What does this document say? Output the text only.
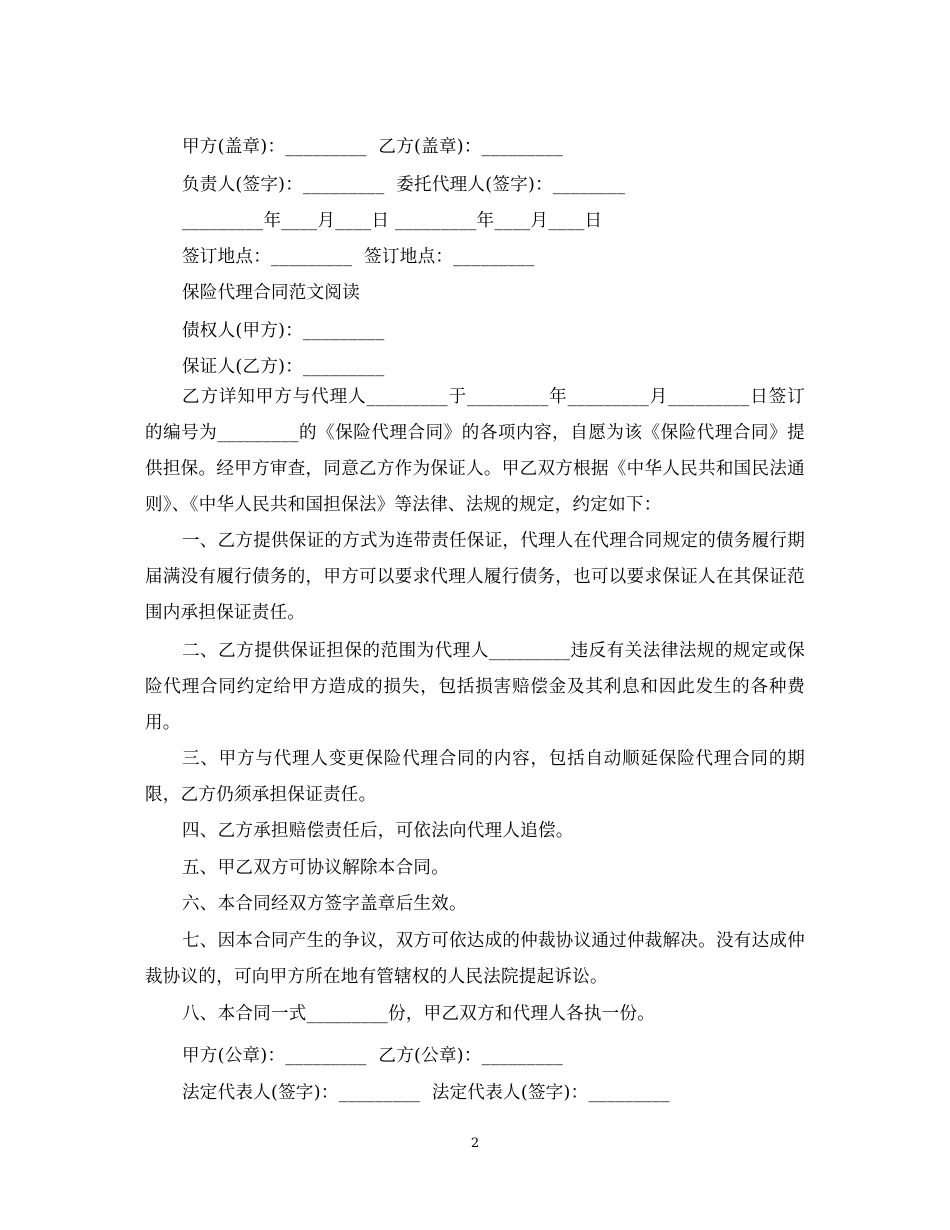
甲方(盖章)：_________  乙方(盖章)：_________
负责人(签字)：_________  委托代理人(签字)：________
_________年____月____日 _________年____月____日
签订地点：_________  签订地点：_________
保险代理合同范文阅读
债权人(甲方)：_________
保证人(乙方)：_________
乙方详知甲方与代理人_________于_________年_________月_________日签订的编号为_________的《保险代理合同》的各项内容，自愿为该《保险代理合同》提供担保。经甲方审查，同意乙方作为保证人。甲乙双方根据《中华人民共和国民法通则》、《中华人民共和国担保法》等法律、法规的规定，约定如下：
一、乙方提供保证的方式为连带责任保证，代理人在代理合同规定的债务履行期届满没有履行债务的，甲方可以要求代理人履行债务，也可以要求保证人在其保证范围内承担保证责任。
二、乙方提供保证担保的范围为代理人_________违反有关法律法规的规定或保险代理合同约定给甲方造成的损失，包括损害赔偿金及其利息和因此发生的各种费用。
三、甲方与代理人变更保险代理合同的内容，包括自动顺延保险代理合同的期限，乙方仍须承担保证责任。
四、乙方承担赔偿责任后，可依法向代理人追偿。
五、甲乙双方可协议解除本合同。
六、本合同经双方签字盖章后生效。
七、因本合同产生的争议，双方可依达成的仲裁协议通过仲裁解决。没有达成仲裁协议的，可向甲方所在地有管辖权的人民法院提起诉讼。
八、本合同一式_________份，甲乙双方和代理人各执一份。
甲方(公章)：_________  乙方(公章)：_________
法定代表人(签字)：_________  法定代表人(签字)：_________
2
